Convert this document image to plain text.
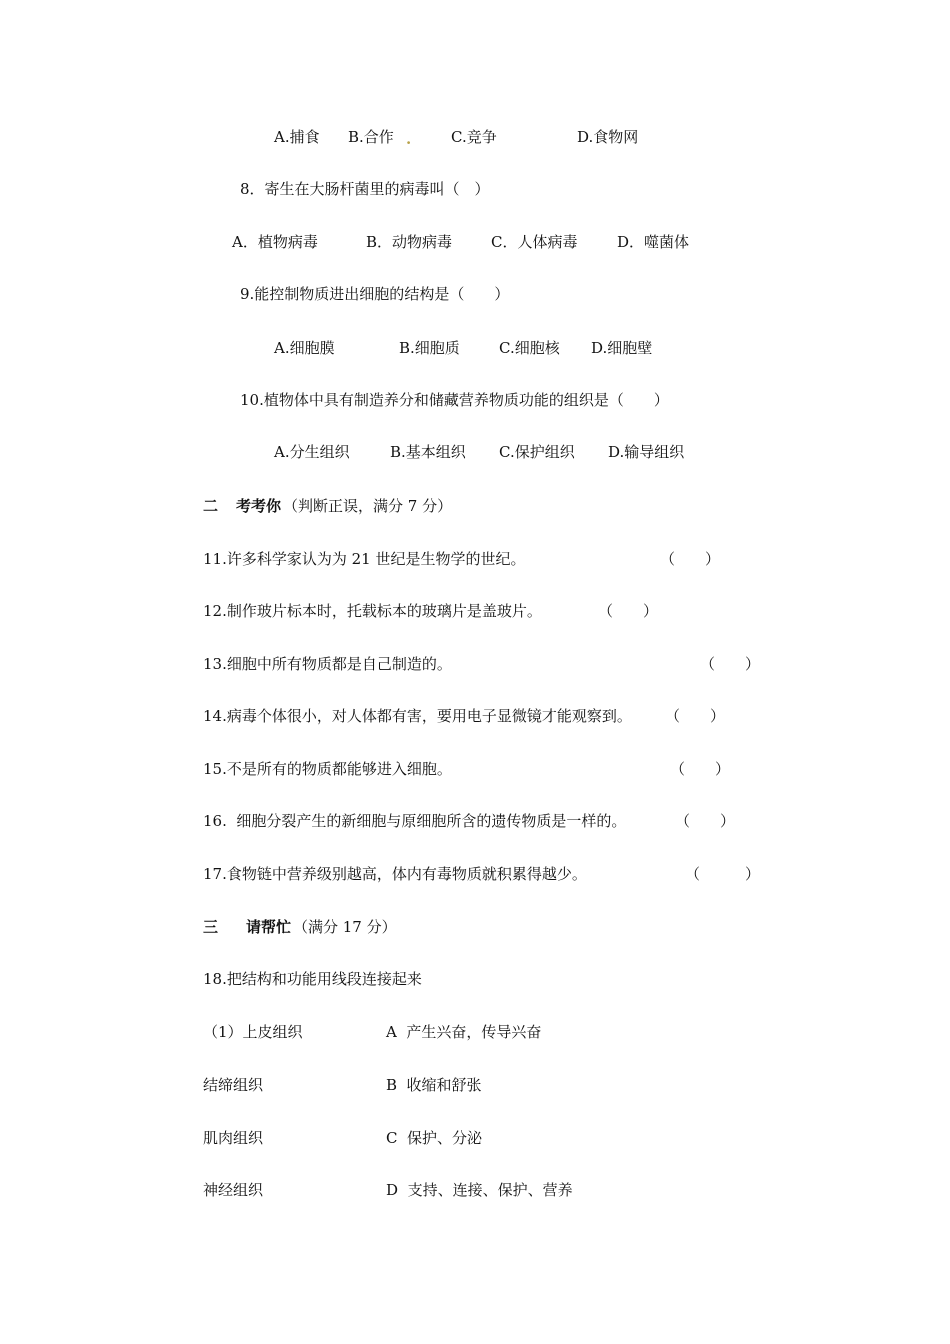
A.捕食 B.合作 .	C.竞争	D.食物网
8．寄生在大肠杆菌里的病毒叫（　）
A．植物病毒	B．动物病毒	C．人体病毒	D．噬菌体
9.能控制物质进出细胞的结构是（　　）
A.细胞膜	B.细胞质	C.细胞核 D.细胞壁
10.植物体中具有制造养分和储藏营养物质功能的组织是（　　）
A.分生组织	B.基本组织 C.保护组织 D.输导组织
二 考考你 （判断正误，满分 7 分）
11.许多科学家认为为 21 世纪是生物学的世纪。	（　　）
12.制作玻片标本时，托载标本的玻璃片是盖玻片。	（　　）
13.细胞中所有物质都是自己制造的。	（　　）
14.病毒个体很小，对人体都有害，要用电子显微镜才能观察到。 （　　）
15.不是所有的物质都能够进入细胞。	（　　）
16.  细胞分裂产生的新细胞与原细胞所含的遗传物质是一样的。	（　　）
17.食物链中营养级别越高，体内有毒物质就积累得越少。	（　　　）
三 请帮忙 （满分 17 分）
18.把结构和功能用线段连接起来
（1）上皮组织	A  产生兴奋，传导兴奋
结缔组织	B  收缩和舒张
肌肉组织	C  保护、分泌
神经组织	D  支持、连接、保护、营养
